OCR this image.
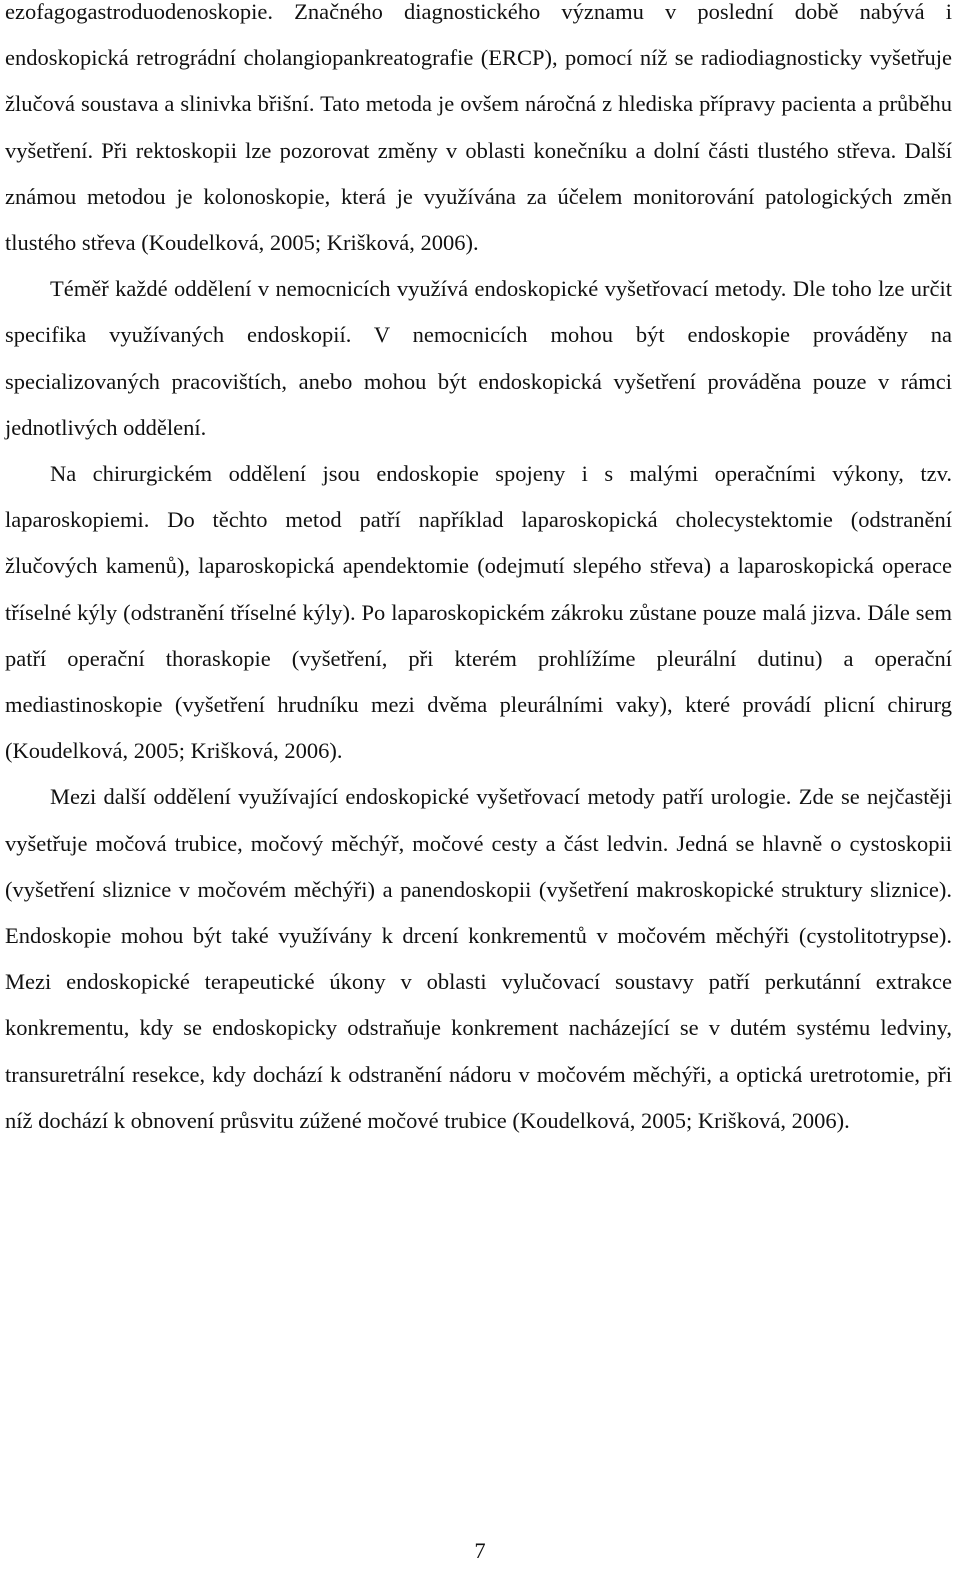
ezofagogastroduodenoskopie. Značného diagnostického významu v poslední době nabývá i endoskopická retrográdní cholangiopankreatografie (ERCP), pomocí níž se radiodiagnosticky vyšetřuje žlučová soustava a slinivka břišní. Tato metoda je ovšem náročná z hlediska přípravy pacienta a průběhu vyšetření. Při rektoskopii lze pozorovat změny v oblasti konečníku a dolní části tlustého střeva. Další známou metodou je kolonoskopie, která je využívána za účelem monitorování patologických změn tlustého střeva (Koudelková, 2005; Krišková, 2006).

Téměř každé oddělení v nemocnicích využívá endoskopické vyšetřovací metody. Dle toho lze určit specifika využívaných endoskopií. V nemocnicích mohou být endoskopie prováděny na specializovaných pracovištích, anebo mohou být endoskopická vyšetření prováděna pouze v rámci jednotlivých oddělení.

Na chirurgickém oddělení jsou endoskopie spojeny i s malými operačními výkony, tzv. laparoskopiemi. Do těchto metod patří například laparoskopická cholecystektomie (odstranění žlučových kamenů), laparoskopická apendektomie (odejmutí slepého střeva) a laparoskopická operace tříselné kýly (odstranění tříselné kýly). Po laparoskopickém zákroku zůstane pouze malá jizva. Dále sem patří operační thoraskopie (vyšetření, při kterém prohlížíme pleurální dutinu) a operační mediastinoskopie (vyšetření hrudníku mezi dvěma pleurálními vaky), které provádí plicní chirurg (Koudelková, 2005; Krišková, 2006).

Mezi další oddělení využívající endoskopické vyšetřovací metody patří urologie. Zde se nejčastěji vyšetřuje močová trubice, močový měchýř, močové cesty a část ledvin. Jedná se hlavně o cystoskopii (vyšetření sliznice v močovém měchýři) a panendoskopii (vyšetření makroskopické struktury sliznice). Endoskopie mohou být také využívány k drcení konkrementů v močovém měchýři (cystolitotrypse). Mezi endoskopické terapeutické úkony v oblasti vylučovací soustavy patří perkutánní extrakce konkrementu, kdy se endoskopicky odstraňuje konkrement nacházející se v dutém systému ledviny, transuretrální resekce, kdy dochází k odstranění nádoru v močovém měchýři, a optická uretrotomie, při níž dochází k obnovení průsvitu zúžené močové trubice (Koudelková, 2005; Krišková, 2006).

7
